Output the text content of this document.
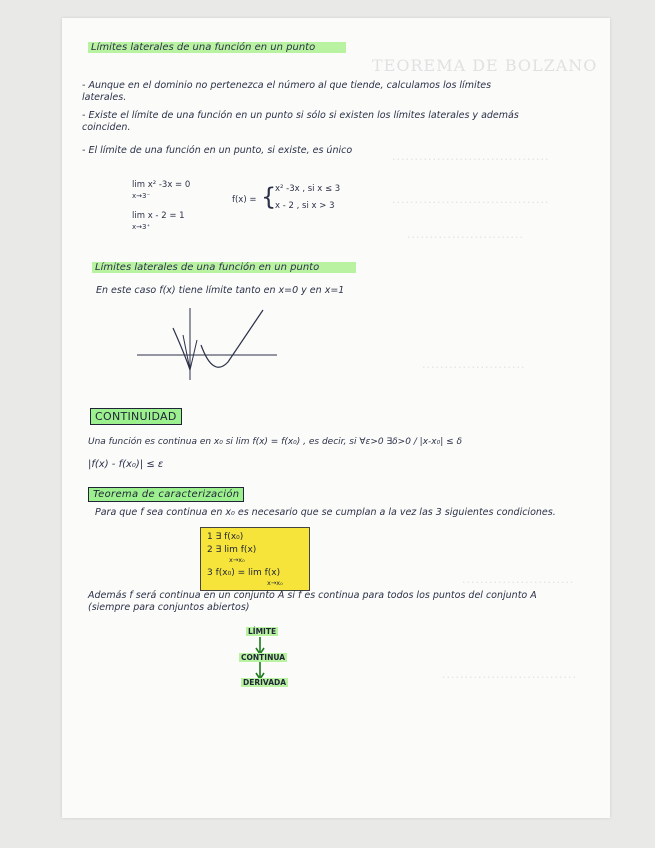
TEOREMA DE BOLZANO
...................................
...................................
..........................
.......................
.........................
..............................
Límites laterales de una función en un punto
- Aunque en el dominio no pertenezca el número al que tiende, calculamos los límites laterales.
- Existe el límite de una función en un punto si sólo si existen los límites laterales y además coinciden.
- El límite de una función en un punto, si existe, es único
lim x² -3x = 0
x→3⁻
lim x - 2 = 1
x→3⁺
f(x) = {
x² -3x , si x ≤ 3
x - 2 , si x > 3
Límites laterales de una función en un punto
En este caso f(x) tiene límite tanto en x=0 y en x=1
CONTINUIDAD
Una función es continua en x₀ si lim f(x) = f(x₀) , es decir, si ∀ε>0 ∃δ>0 / |x-x₀| ≤ δ
|f(x) - f(x₀)| ≤ ε
Teorema de caracterización
Para que f sea continua en x₀ es necesario que se cumplan a la vez las 3 siguientes condiciones.
1 ∃ f(x₀)
2 ∃ lim f(x)
x→x₀
3 f(x₀) = lim f(x)
x→x₀
Además f será continua en un conjunto A si f es continua para todos los puntos del conjunto A (siempre para conjuntos abiertos)
LÍMITE
CONTINUA
DERIVADA
